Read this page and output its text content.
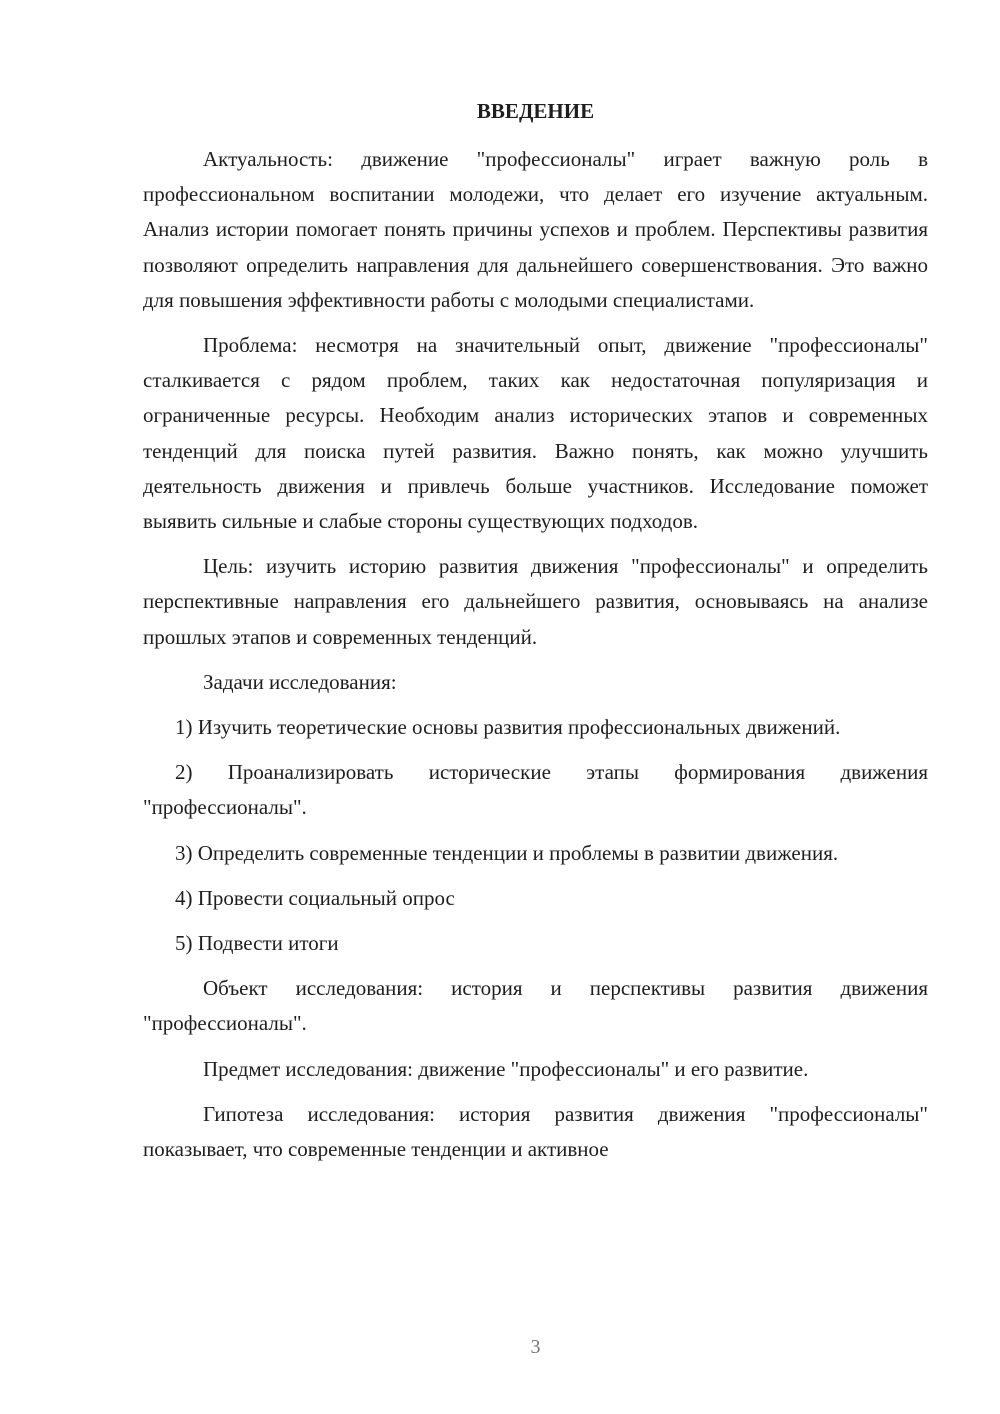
ВВЕДЕНИЕ

Актуальность: движение "профессионалы" играет важную роль в профессиональном воспитании молодежи, что делает его изучение актуальным. Анализ истории помогает понять причины успехов и проблем. Перспективы развития позволяют определить направления для дальнейшего совершенствования. Это важно для повышения эффективности работы с молодыми специалистами.

Проблема: несмотря на значительный опыт, движение "профессионалы" сталкивается с рядом проблем, таких как недостаточная популяризация и ограниченные ресурсы. Необходим анализ исторических этапов и современных тенденций для поиска путей развития. Важно понять, как можно улучшить деятельность движения и привлечь больше участников. Исследование поможет выявить сильные и слабые стороны существующих подходов.

Цель: изучить историю развития движения "профессионалы" и определить перспективные направления его дальнейшего развития, основываясь на анализе прошлых этапов и современных тенденций.

Задачи исследования:

1) Изучить теоретические основы развития профессиональных движений.

2) Проанализировать исторические этапы формирования движения "профессионалы".

3) Определить современные тенденции и проблемы в развитии движения.

4) Провести социальный опрос

5) Подвести итоги

Объект исследования: история и перспективы развития движения "профессионалы".

Предмет исследования: движение "профессионалы" и его развитие.

Гипотеза исследования: история развития движения "профессионалы" показывает, что современные тенденции и активное

3
